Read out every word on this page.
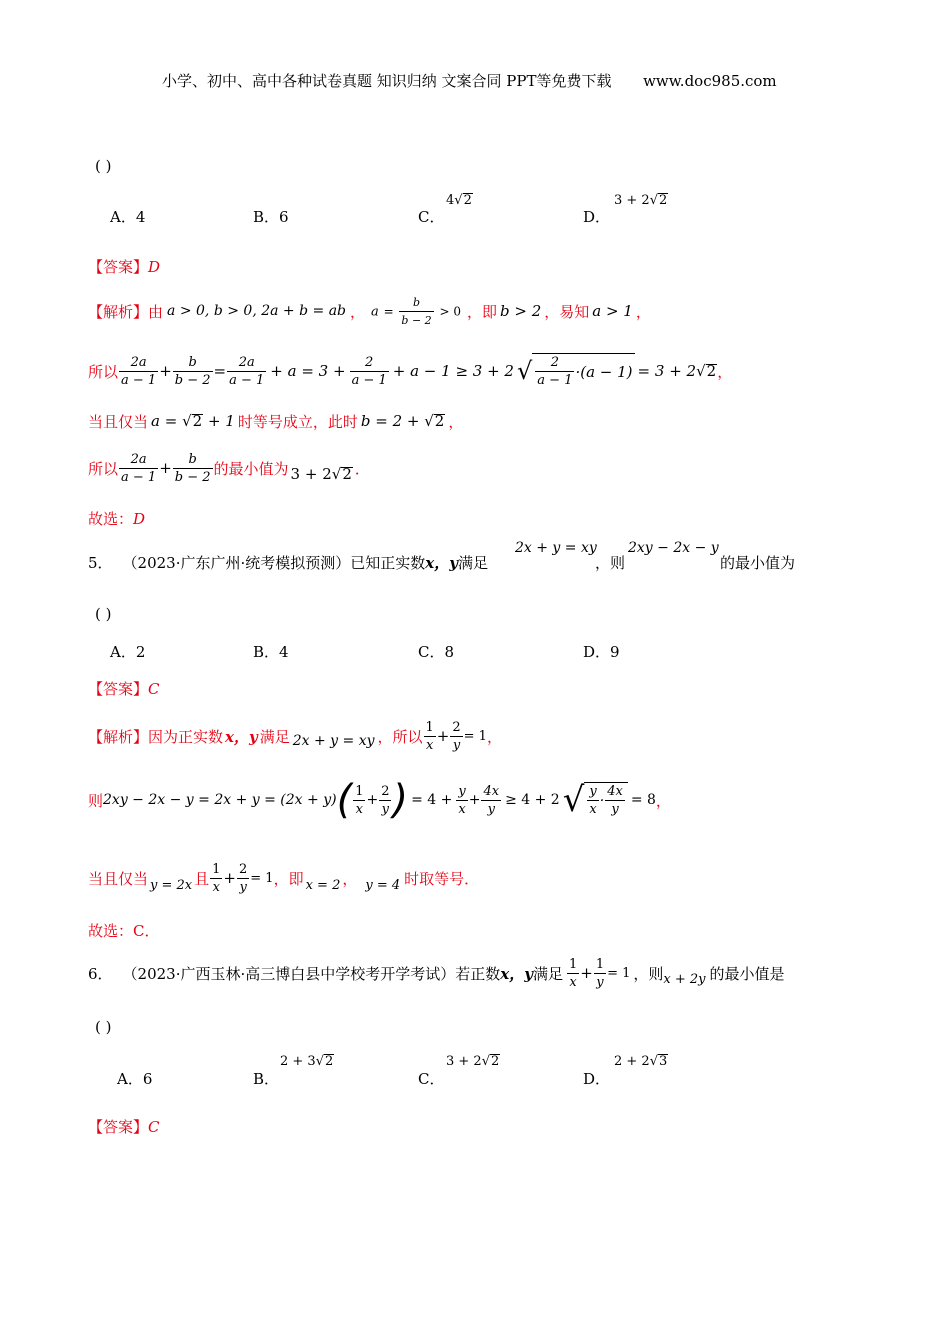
小学、初中、高中各种试卷真题 知识归纳 文案合同 PPT等免费下载 www.doc985.com
( )
A．4	B．6	C．
4√2
D．
3 + 2√2
【答案】D
【解析】 由 a > 0, b > 0, 2a + b = ab ， $a = \frac{b}{b - 2} > 0$ ，即 b > 2 ，易知 a > 1 ，
所以 $\frac{2a}{a - 1} + \frac{b}{b - 2} = \frac{2a}{a - 1} + a = 3 + \frac{2}{a - 1} + a - 1 \ge 3 + 2$ √ $\frac{2}{a - 1} \cdot(a - 1) = 3 + 2$ √ 2 ，
当且仅当 a = √2 + 1 时等号成立，此时 b = 2 + √2 ，
所以 $\frac{2a}{a - 1} + \frac{b}{b - 2}$ 的最小值为 3 + 2√2 ．
故选：D
5． （2023·广东广州·统考模拟预测）已知正实数 x，y 满足
2x + y = xy
，则
2xy − 2x − y
的最小值为
( )
A．2	B．4	C．8	D．9
【答案】C
【解析】 因为正实数 x，y 满足 2x + y = xy ，所以 $\frac{1}{x} + \frac{2}{y} = 1$ ，
则 2xy − 2x − y = 2x + y = (2x + y) ( $\frac{1}{x} + \frac{2}{y}$ ) = $4 + \frac{y}{x} + \frac{4x}{y} \ge 4 + 2$ √ $\frac{y}{x} \cdot \frac{4x}{y} = 8$ ，
当且仅当 y = 2x 且 $\frac{1}{x} + \frac{2}{y} = 1$ ，即 x = 2 ， y = 4 时取等号．
故选：C．
6． （2023·广西玉林·高三博白县中学校考开学考试）若正数 x，y 满足 $\frac{1}{x} + \frac{1}{y} = 1$ ，则 x + 2y 的最小值是
( )
A．6	B．
2 + 3√2
C．
3 + 2√2
D．
2 + 2√3
【答案】C
